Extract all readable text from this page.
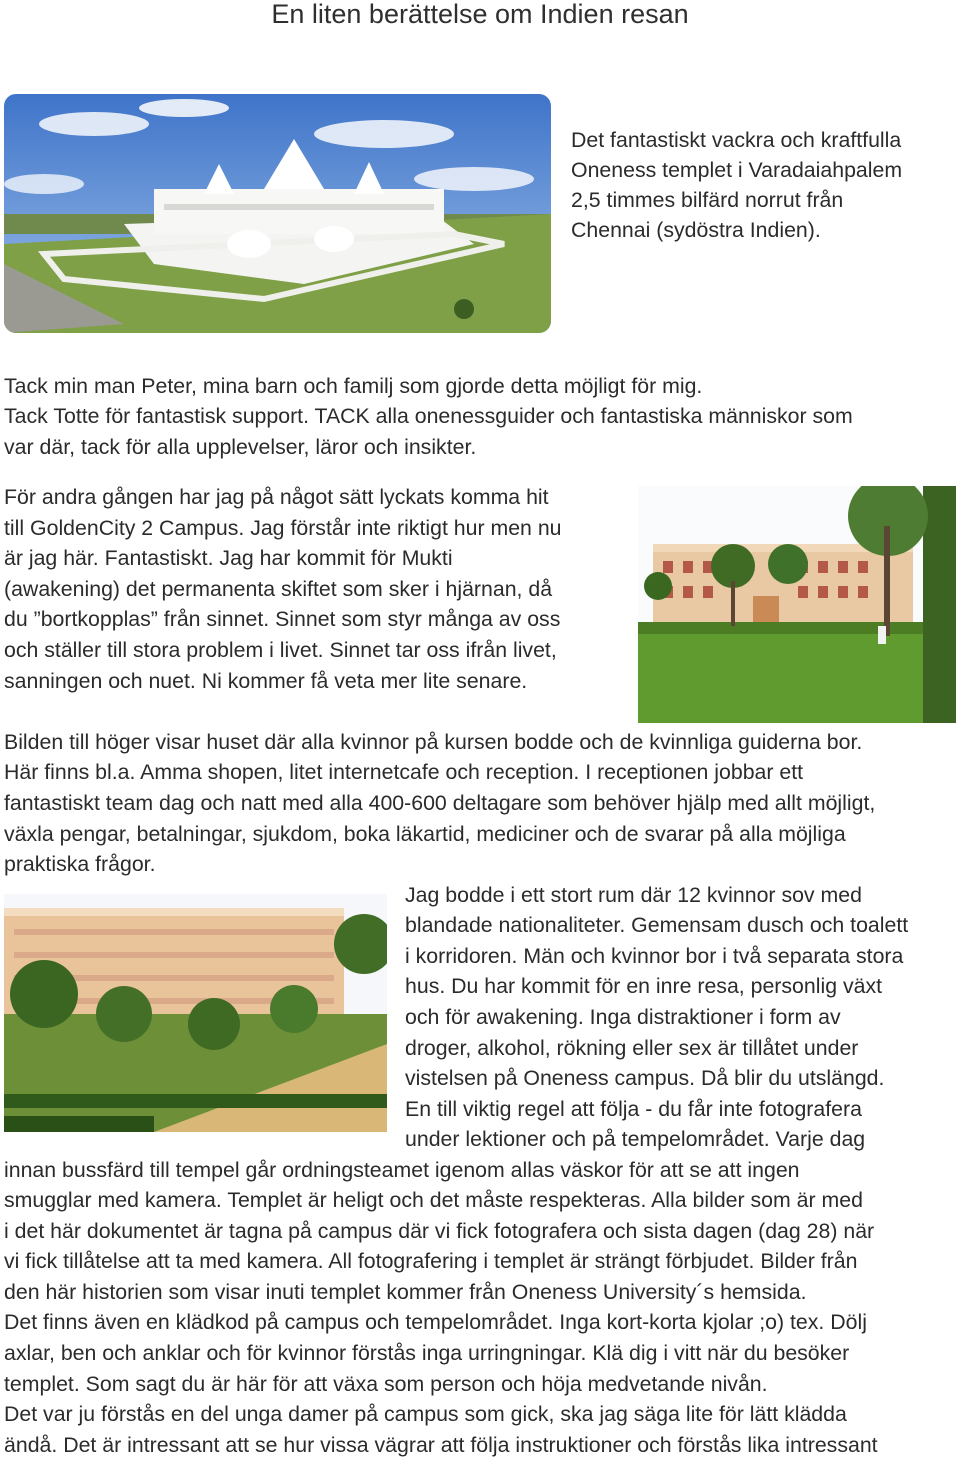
En liten berättelse om Indien resan

Det fantastiskt vackra och kraftfulla

Oneness templet i Varadaiahpalem

2,5 timmes bilfärd norrut från

Chennai (sydöstra Indien).

Tack min man Peter, mina barn och familj som gjorde detta möjligt för mig.

Tack Totte för fantastisk support. TACK alla onenessguider och fantastiska människor som

var där, tack för alla upplevelser, läror och insikter.

För andra gången har jag på något sätt lyckats komma hit

till GoldenCity 2 Campus. Jag förstår inte riktigt hur men nu

är jag här. Fantastiskt. Jag har kommit för Mukti

(awakening) det permanenta skiftet som sker i hjärnan, då

du ”bortkopplas” från sinnet. Sinnet som styr många av oss

och ställer till stora problem i livet. Sinnet tar oss ifrån livet,

sanningen och nuet. Ni kommer få veta mer lite senare.

Bilden till höger visar huset där alla kvinnor på kursen bodde och de kvinnliga guiderna bor.

Här finns bl.a. Amma shopen, litet internetcafe och reception. I receptionen jobbar ett

fantastiskt team dag och natt med alla 400-600 deltagare som behöver hjälp med allt möjligt,

växla pengar, betalningar, sjukdom, boka läkartid, mediciner och de svarar på alla möjliga

praktiska frågor.

Jag bodde i ett stort rum där 12 kvinnor sov med

blandade nationaliteter. Gemensam dusch och toalett

i korridoren. Män och kvinnor bor i två separata stora

hus. Du har kommit för en inre resa, personlig växt

och för awakening. Inga distraktioner i form av

droger, alkohol, rökning eller sex är tillåtet under

vistelsen på Oneness campus. Då blir du utslängd.

En till viktig regel att följa - du får inte fotografera

under lektioner och på tempelområdet. Varje dag

innan bussfärd till tempel går ordningsteamet igenom allas väskor för att se att ingen

smugglar med kamera. Templet är heligt och det måste respekteras. Alla bilder som är med

i det här dokumentet är tagna på campus där vi fick fotografera och sista dagen (dag 28) när

vi fick tillåtelse att ta med kamera. All fotografering i templet är strängt förbjudet. Bilder från

den här historien som visar inuti templet kommer från Oneness University´s hemsida.

Det finns även en klädkod på campus och tempelområdet. Inga kort-korta kjolar ;o) tex. Dölj

axlar, ben och anklar och för kvinnor förstås inga urringningar. Klä dig i vitt när du besöker

templet. Som sagt du är här för att växa som person och höja medvetande nivån.

Det var ju förstås en del unga damer på campus som gick, ska jag säga lite för lätt klädda

ändå. Det är intressant att se hur vissa vägrar att följa instruktioner och förstås lika intressant
